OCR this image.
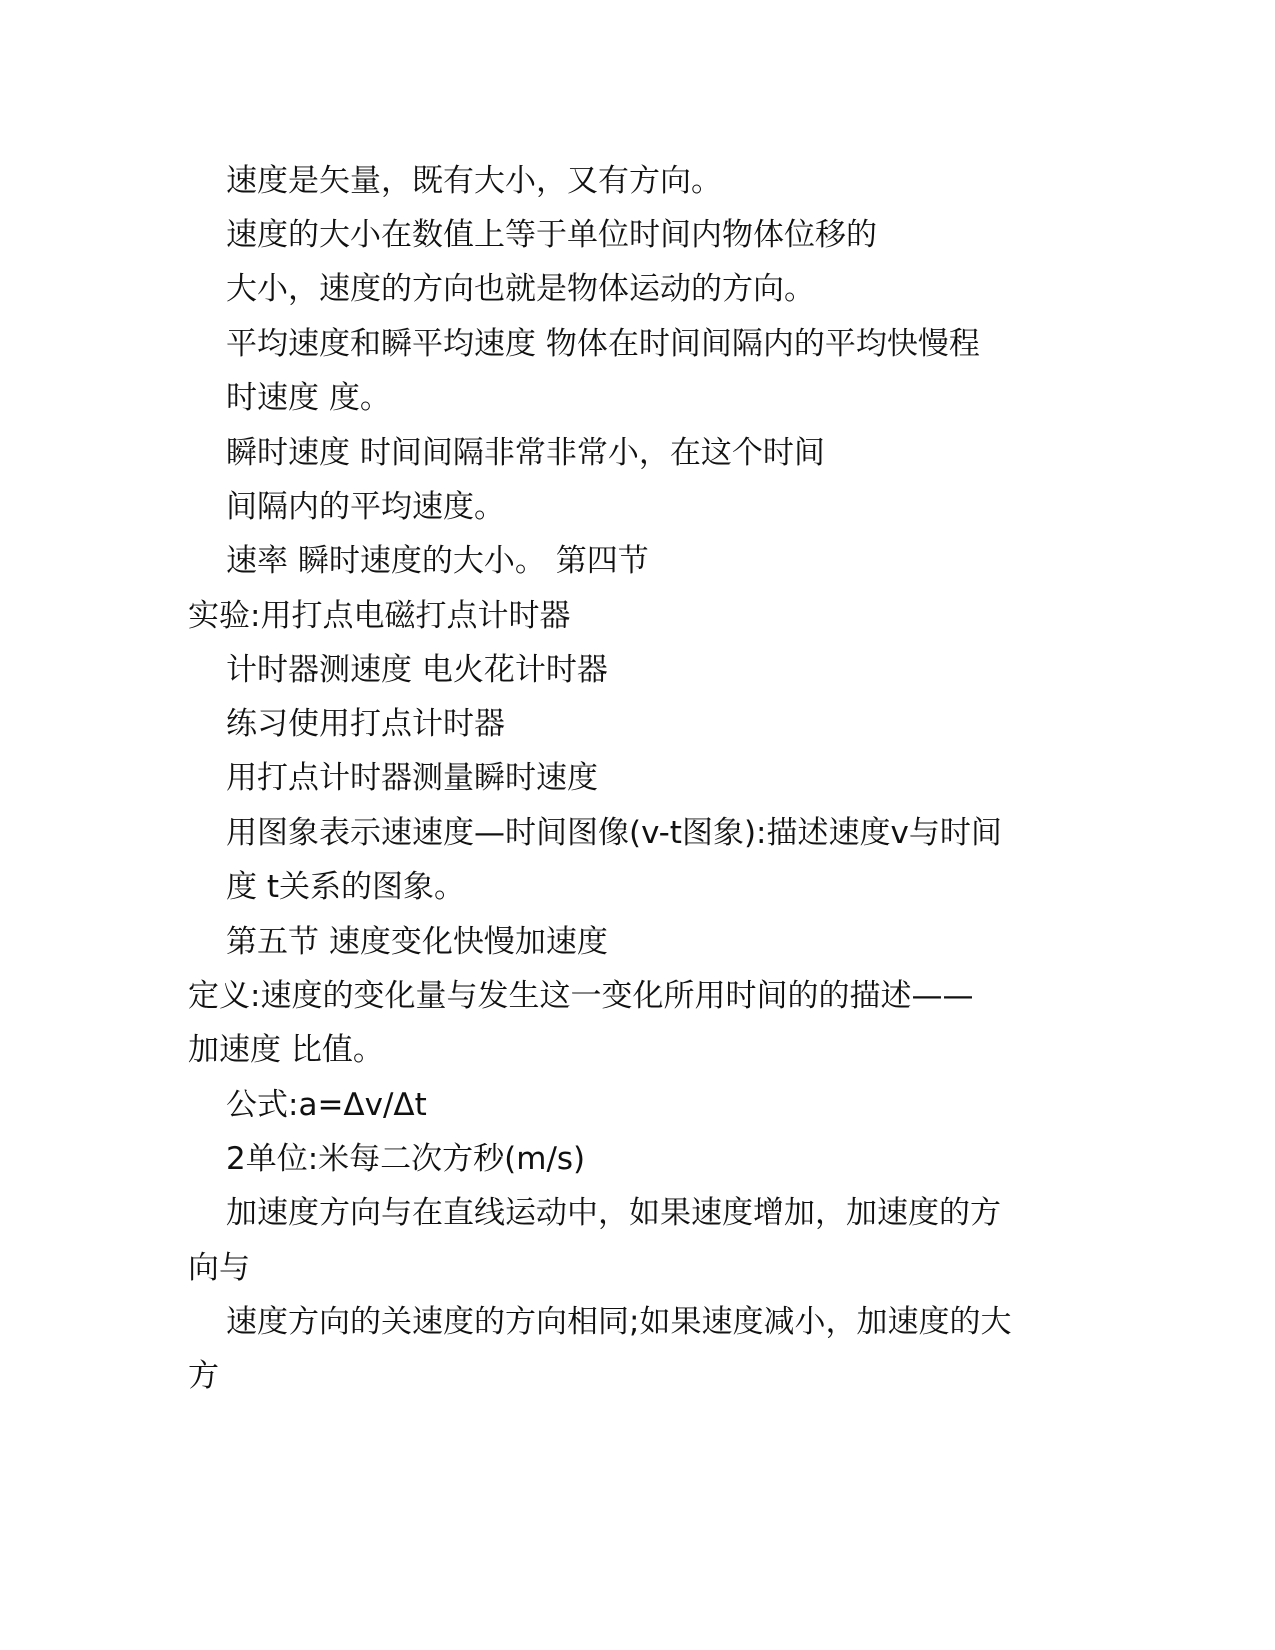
速度是矢量，既有大小，又有方向。
速度的大小在数值上等于单位时间内物体位移的
大小，速度的方向也就是物体运动的方向。
平均速度和瞬平均速度 物体在时间间隔内的平均快慢程
时速度 度。
瞬时速度 时间间隔非常非常小，在这个时间
间隔内的平均速度。
速率 瞬时速度的大小。 第四节
实验:用打点电磁打点计时器
计时器测速度 电火花计时器
练习使用打点计时器
用打点计时器测量瞬时速度
用图象表示速速度—时间图像(v-t图象):描述速度v与时间
度 t关系的图象。
第五节 速度变化快慢加速度
定义:速度的变化量与发生这一变化所用时间的的描述——
加速度 比值。
公式:a=Δv/Δt
2单位:米每二次方秒(m/s)
加速度方向与在直线运动中，如果速度增加，加速度的方
向与
速度方向的关速度的方向相同;如果速度减小，加速度的大
方
